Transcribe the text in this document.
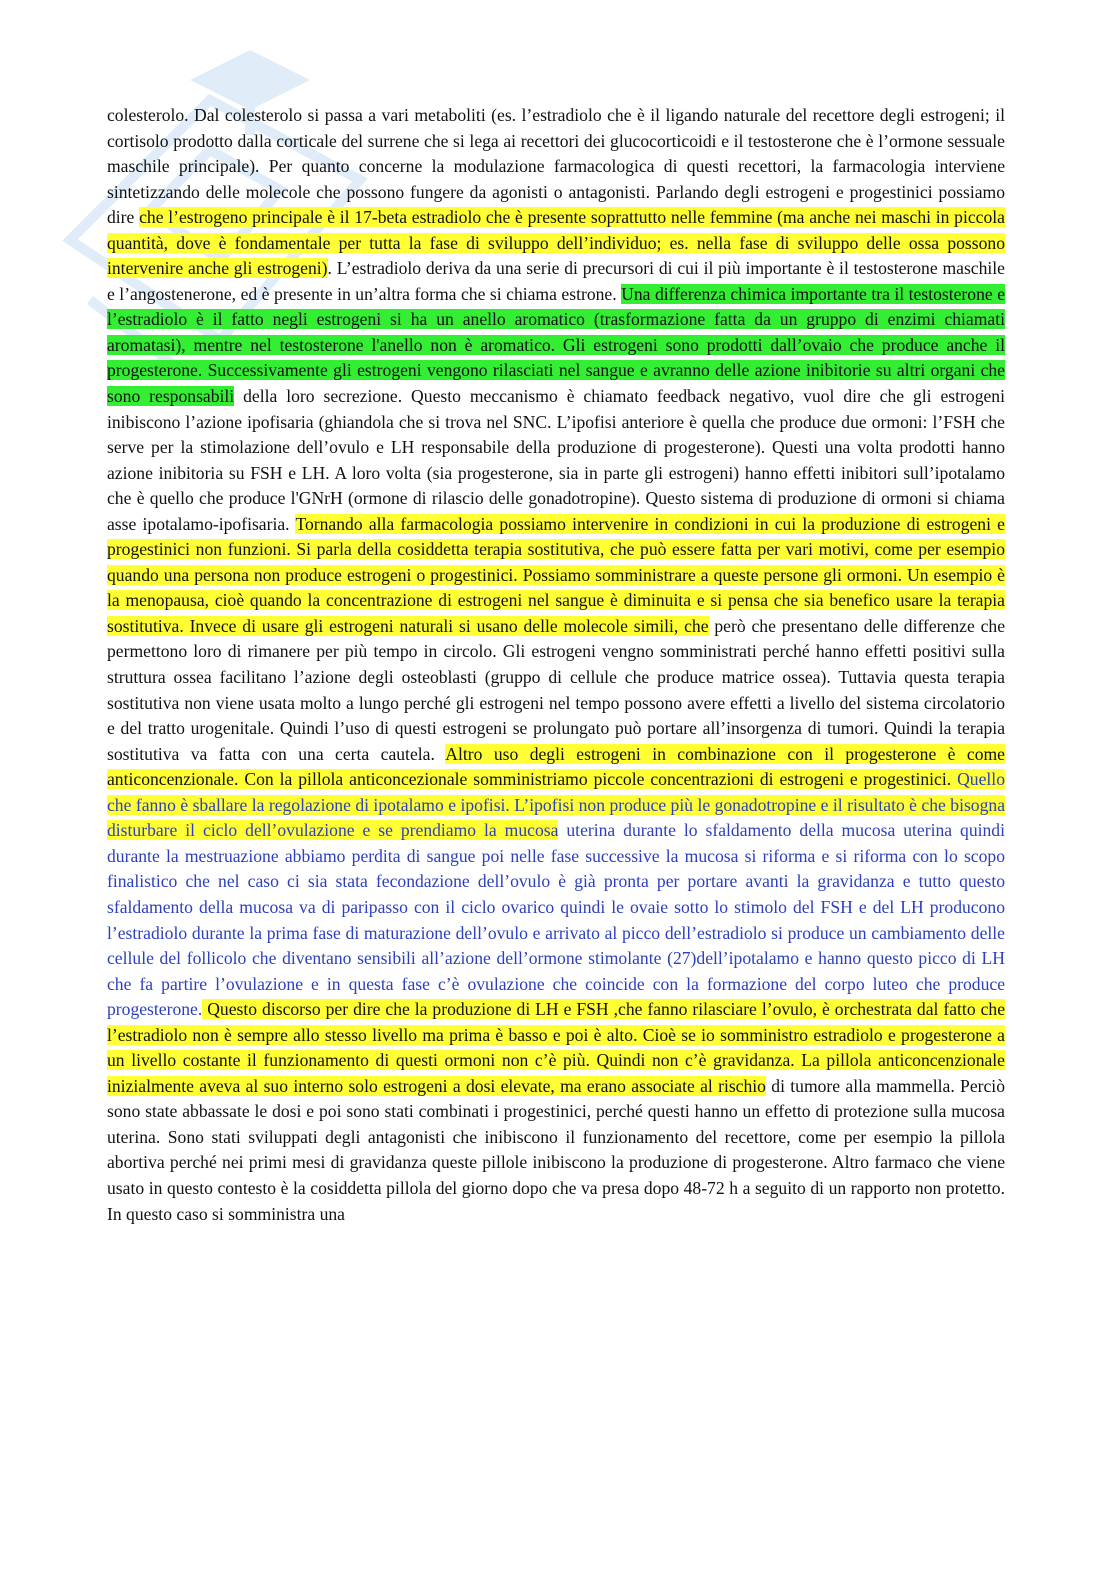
colesterolo. Dal colesterolo si passa a vari metaboliti (es. l’estradiolo che è il ligando naturale del recettore degli estrogeni; il cortisolo prodotto dalla corticale del surrene che si lega ai recettori dei glucocorticoidi e il testosterone che è l’ormone sessuale maschile principale). Per quanto concerne la modulazione farmacologica di questi recettori, la farmacologia interviene sintetizzando delle molecole che possono fungere da agonisti o antagonisti. Parlando degli estrogeni e progestinici possiamo dire che l’estrogeno principale è il 17-beta estradiolo che è presente soprattutto nelle femmine (ma anche nei maschi in piccola quantità, dove è fondamentale per tutta la fase di sviluppo dell’individuo; es. nella fase di sviluppo delle ossa possono intervenire anche gli estrogeni). L’estradiolo deriva da una serie di precursori di cui il più importante è il testosterone maschile e l’angostenerone, ed è presente in un’altra forma che si chiama estrone. Una differenza chimica importante tra il testosterone e l’estradiolo è il fatto negli estrogeni si ha un anello aromatico (trasformazione fatta da un gruppo di enzimi chiamati aromatasi), mentre nel testosterone l'anello non è aromatico. Gli estrogeni sono prodotti dall’ovaio che produce anche il progesterone. Successivamente gli estrogeni vengono rilasciati nel sangue e avranno delle azione inibitorie su altri organi che sono responsabili della loro secrezione. Questo meccanismo è chiamato feedback negativo, vuol dire che gli estrogeni inibiscono l’azione ipofisaria (ghiandola che si trova nel SNC. L’ipofisi anteriore è quella che produce due ormoni: l’FSH che serve per la stimolazione dell’ovulo e LH responsabile della produzione di progesterone). Questi una volta prodotti hanno azione inibitoria su FSH e LH. A loro volta (sia progesterone, sia in parte gli estrogeni) hanno effetti inibitori sull’ipotalamo che è quello che produce l'GNrH (ormone di rilascio delle gonadotropine). Questo sistema di produzione di ormoni si chiama asse ipotalamo-ipofisaria. Tornando alla farmacologia possiamo intervenire in condizioni in cui la produzione di estrogeni e progestinici non funzioni. Si parla della cosiddetta terapia sostitutiva, che può essere fatta per vari motivi, come per esempio quando una persona non produce estrogeni o progestinici. Possiamo somministrare a queste persone gli ormoni. Un esempio è la menopausa, cioè quando la concentrazione di estrogeni nel sangue è diminuita e si pensa che sia benefico usare la terapia sostitutiva. Invece di usare gli estrogeni naturali si usano delle molecole simili, che però che presentano delle differenze che permettono loro di rimanere per più tempo in circolo. Gli estrogeni vengno somministrati perché hanno effetti positivi sulla struttura ossea facilitano l’azione degli osteoblasti (gruppo di cellule che produce matrice ossea). Tuttavia questa terapia sostitutiva non viene usata molto a lungo perché gli estrogeni nel tempo possono avere effetti a livello del sistema circolatorio e del tratto urogenitale. Quindi l’uso di questi estrogeni se prolungato può portare all’insorgenza di tumori. Quindi la terapia sostitutiva va fatta con una certa cautela. Altro uso degli estrogeni in combinazione con il progesterone è come anticoncenzionale. Con la pillola anticoncezionale somministriamo piccole concentrazioni di estrogeni e progestinici. Quello che fanno è sballare la regolazione di ipotalamo e ipofisi. L’ipofisi non produce più le gonadotropine e il risultato è che bisogna disturbare il ciclo dell’ovulazione e se prendiamo la mucosa uterina durante lo sfaldamento della mucosa uterina quindi durante la mestruazione abbiamo perdita di sangue poi nelle fase successive la mucosa si riforma e si riforma con lo scopo finalistico che nel caso ci sia stata fecondazione dell’ovulo è già pronta per portare avanti la gravidanza e tutto questo sfaldamento della mucosa va di paripasso con il ciclo ovarico quindi le ovaie sotto lo stimolo del FSH e del LH producono l’estradiolo durante la prima fase di maturazione dell’ovulo e arrivato al picco dell’estradiolo si produce un cambiamento delle cellule del follicolo che diventano sensibili all’azione dell’ormone stimolante (27)dell’ipotalamo e hanno questo picco di LH che fa partire l’ovulazione e in questa fase c’è ovulazione che coincide con la formazione del corpo luteo che produce progesterone. Questo discorso per dire che la produzione di LH e FSH ,che fanno rilasciare l’ovulo, è orchestrata dal fatto che l’estradiolo non è sempre allo stesso livello ma prima è basso e poi è alto. Cioè se io somministro estradiolo e progesterone a un livello costante il funzionamento di questi ormoni non c’è più. Quindi non c’è gravidanza. La pillola anticoncenzionale inizialmente aveva al suo interno solo estrogeni a dosi elevate, ma erano associate al rischio di tumore alla mammella. Perciò sono state abbassate le dosi e poi sono stati combinati i progestinici, perché questi hanno un effetto di protezione sulla mucosa uterina. Sono stati sviluppati degli antagonisti che inibiscono il funzionamento del recettore, come per esempio la pillola abortiva perché nei primi mesi di gravidanza queste pillole inibiscono la produzione di progesterone. Altro farmaco che viene usato in questo contesto è la cosiddetta pillola del giorno dopo che va presa dopo 48-72 h a seguito di un rapporto non protetto. In questo caso si somministra una
